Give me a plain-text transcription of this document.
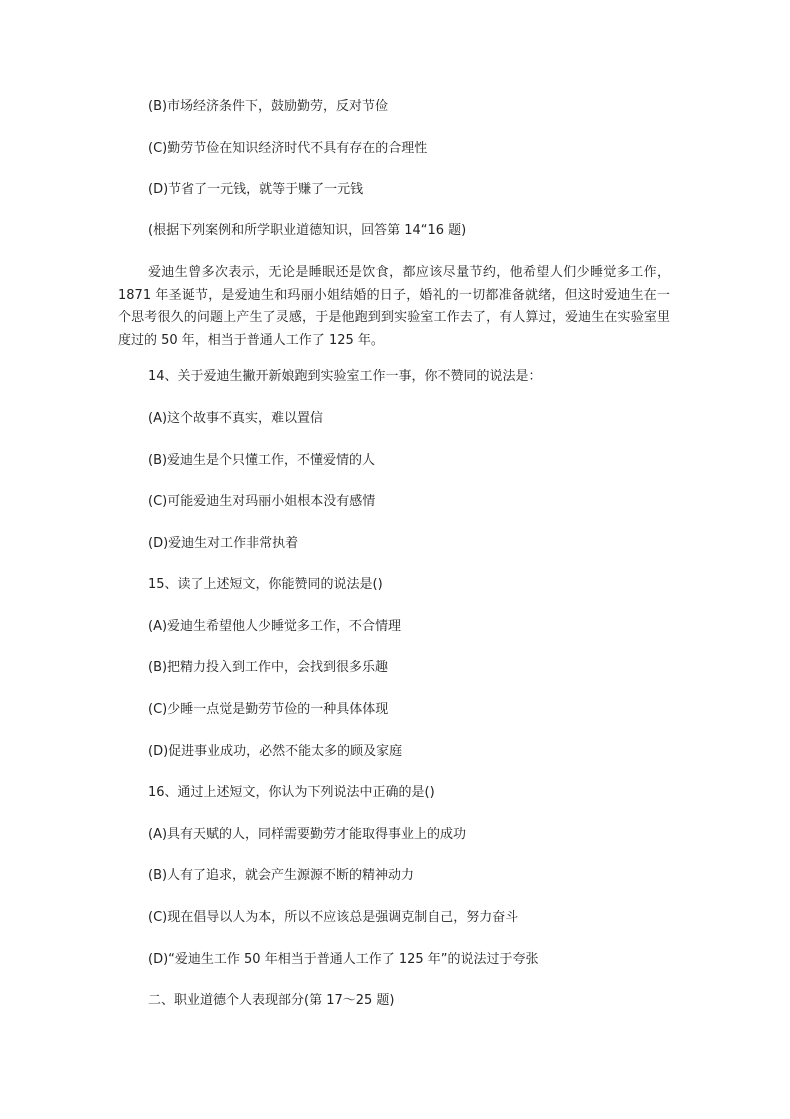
(B)市场经济条件下，鼓励勤劳，反对节俭
(C)勤劳节俭在知识经济时代不具有存在的合理性
(D)节省了一元钱，就等于赚了一元钱
(根据下列案例和所学职业道德知识，回答第 14“16 题)
爱迪生曾多次表示，无论是睡眠还是饮食，都应该尽量节约，他希望人们少睡觉多工作，1871 年圣诞节，是爱迪生和玛丽小姐结婚的日子，婚礼的一切都准备就绪，但这时爱迪生在一个思考很久的问题上产生了灵感，于是他跑到到实验室工作去了，有人算过，爱迪生在实验室里度过的 50 年，相当于普通人工作了 125 年。
14、关于爱迪生撇开新娘跑到实验室工作一事，你不赞同的说法是：
(A)这个故事不真实，难以置信
(B)爱迪生是个只懂工作，不懂爱情的人
(C)可能爱迪生对玛丽小姐根本没有感情
(D)爱迪生对工作非常执着
15、读了上述短文，你能赞同的说法是()
(A)爱迪生希望他人少睡觉多工作，不合情理
(B)把精力投入到工作中，会找到很多乐趣
(C)少睡一点觉是勤劳节俭的一种具体体现
(D)促进事业成功，必然不能太多的顾及家庭
16、通过上述短文，你认为下列说法中正确的是()
(A)具有天赋的人，同样需要勤劳才能取得事业上的成功
(B)人有了追求，就会产生源源不断的精神动力
(C)现在倡导以人为本，所以不应该总是强调克制自己，努力奋斗
(D)“爱迪生工作 50 年相当于普通人工作了 125 年”的说法过于夸张
二、职业道德个人表现部分(第 17～25 题)
